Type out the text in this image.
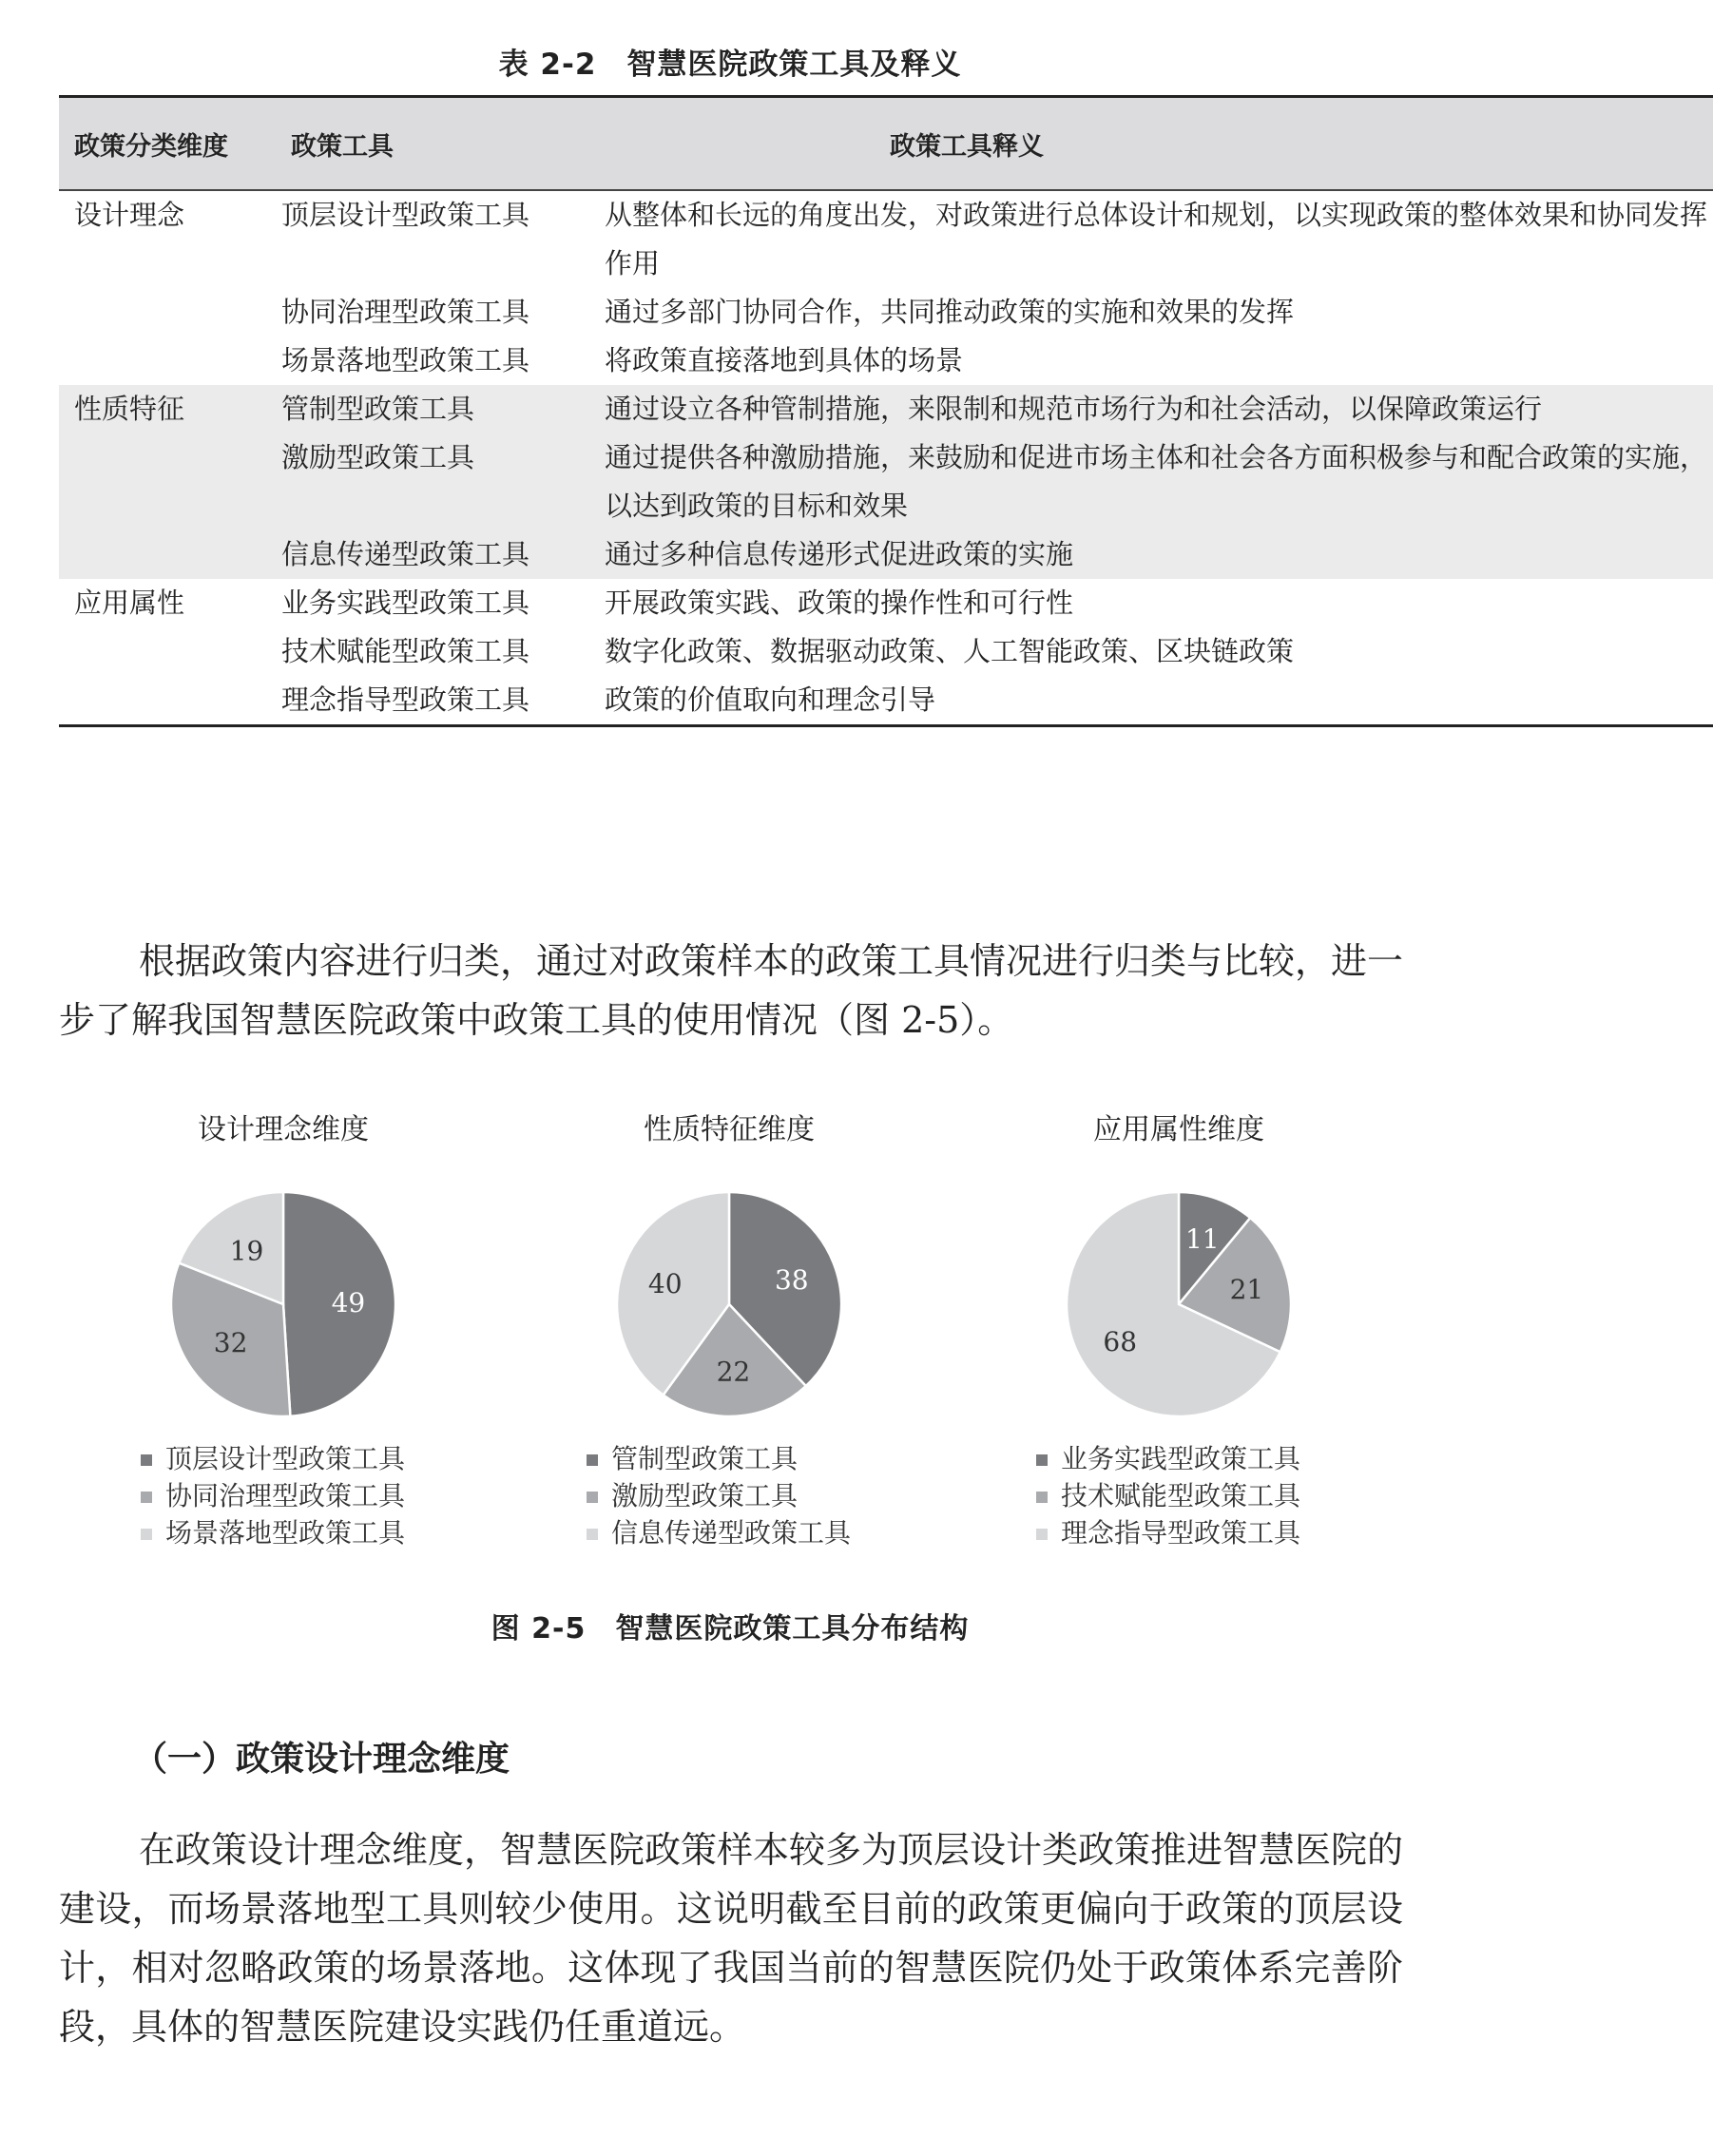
表 2-2　智慧医院政策工具及释义
政策分类维度	政策工具	政策工具释义
设计理念	顶层设计型政策工具	从整体和长远的角度出发，对政策进行总体设计和规划，以实现政策的整体效果和协同发挥作用
	协同治理型政策工具	通过多部门协同合作，共同推动政策的实施和效果的发挥
	场景落地型政策工具	将政策直接落地到具体的场景
性质特征	管制型政策工具	通过设立各种管制措施，来限制和规范市场行为和社会活动，以保障政策运行
	激励型政策工具	通过提供各种激励措施，来鼓励和促进市场主体和社会各方面积极参与和配合政策的实施，以达到政策的目标和效果
	信息传递型政策工具	通过多种信息传递形式促进政策的实施
应用属性	业务实践型政策工具	开展政策实践、政策的操作性和可行性
	技术赋能型政策工具	数字化政策、数据驱动政策、人工智能政策、区块链政策
	理念指导型政策工具	政策的价值取向和理念引导

根据政策内容进行归类，通过对政策样本的政策工具情况进行归类与比较，进一步了解我国智慧医院政策中政策工具的使用情况（图 2-5）。

设计理念维度
49
32
19
顶层设计型政策工具
协同治理型政策工具
场景落地型政策工具
性质特征维度
38
22
40
管制型政策工具
激励型政策工具
信息传递型政策工具
应用属性维度
11
21
68
业务实践型政策工具
技术赋能型政策工具
理念指导型政策工具
图 2-5　智慧医院政策工具分布结构
（一）政策设计理念维度

在政策设计理念维度，智慧医院政策样本较多为顶层设计类政策推进智慧医院的建设，而场景落地型工具则较少使用。这说明截至目前的政策更偏向于政策的顶层设计，相对忽略政策的场景落地。这体现了我国当前的智慧医院仍处于政策体系完善阶段，具体的智慧医院建设实践仍任重道远。
